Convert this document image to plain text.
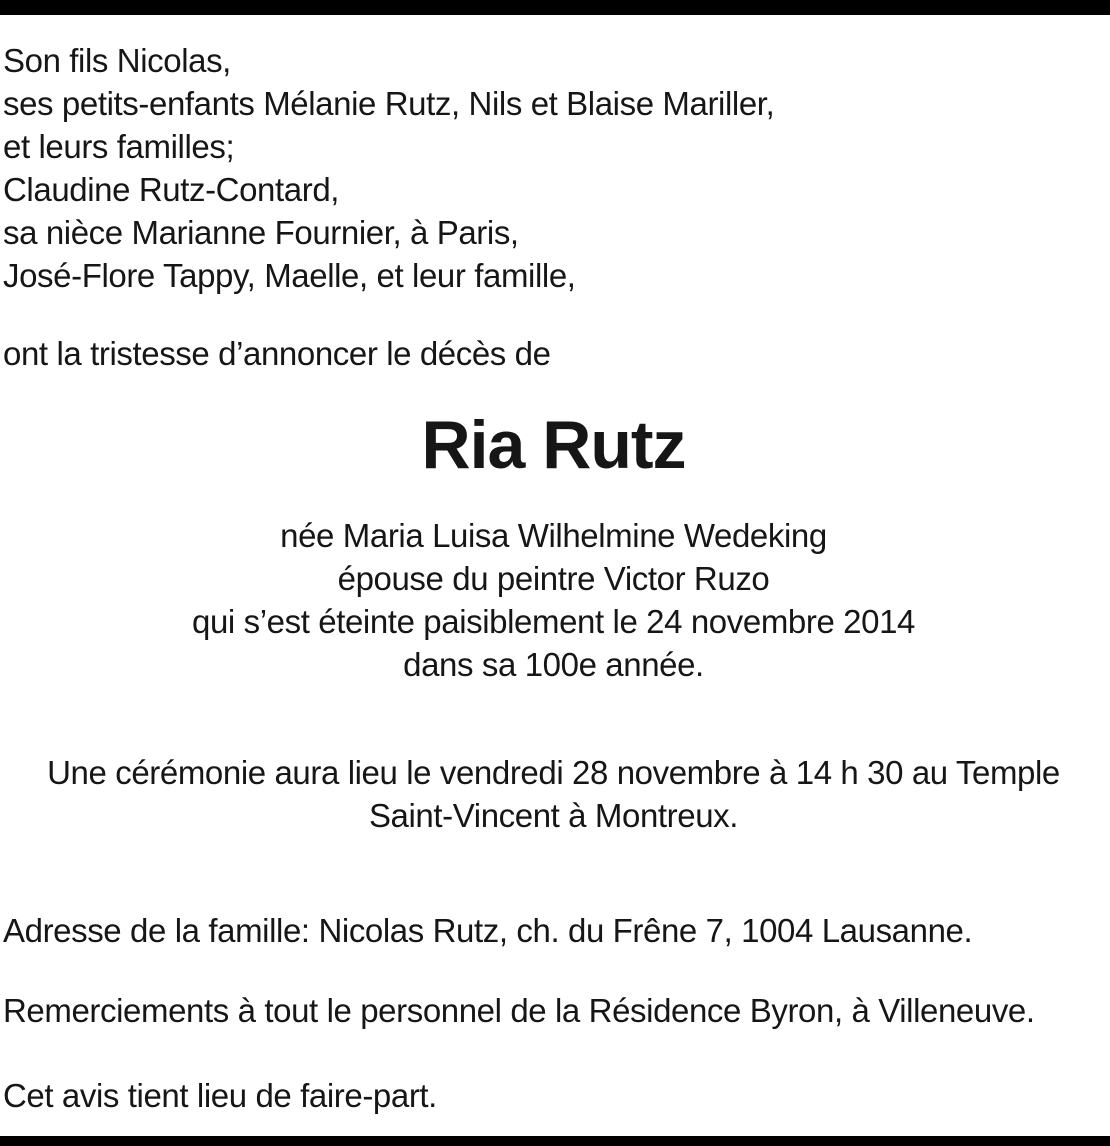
Son fils Nicolas,
ses petits-enfants Mélanie Rutz, Nils et Blaise Mariller,
et leurs familles;
Claudine Rutz-Contard,
sa nièce Marianne Fournier, à Paris,
José-Flore Tappy, Maelle, et leur famille,
ont la tristesse d’annoncer le décès de
Ria Rutz
née Maria Luisa Wilhelmine Wedeking
épouse du peintre Victor Ruzo
qui s’est éteinte paisiblement le 24 novembre 2014
dans sa 100e année.
Une cérémonie aura lieu le vendredi 28 novembre à 14 h 30 au Temple
Saint-Vincent à Montreux.
Adresse de la famille: Nicolas Rutz, ch. du Frêne 7, 1004 Lausanne.
Remerciements à tout le personnel de la Résidence Byron, à Villeneuve.
Cet avis tient lieu de faire-part.
